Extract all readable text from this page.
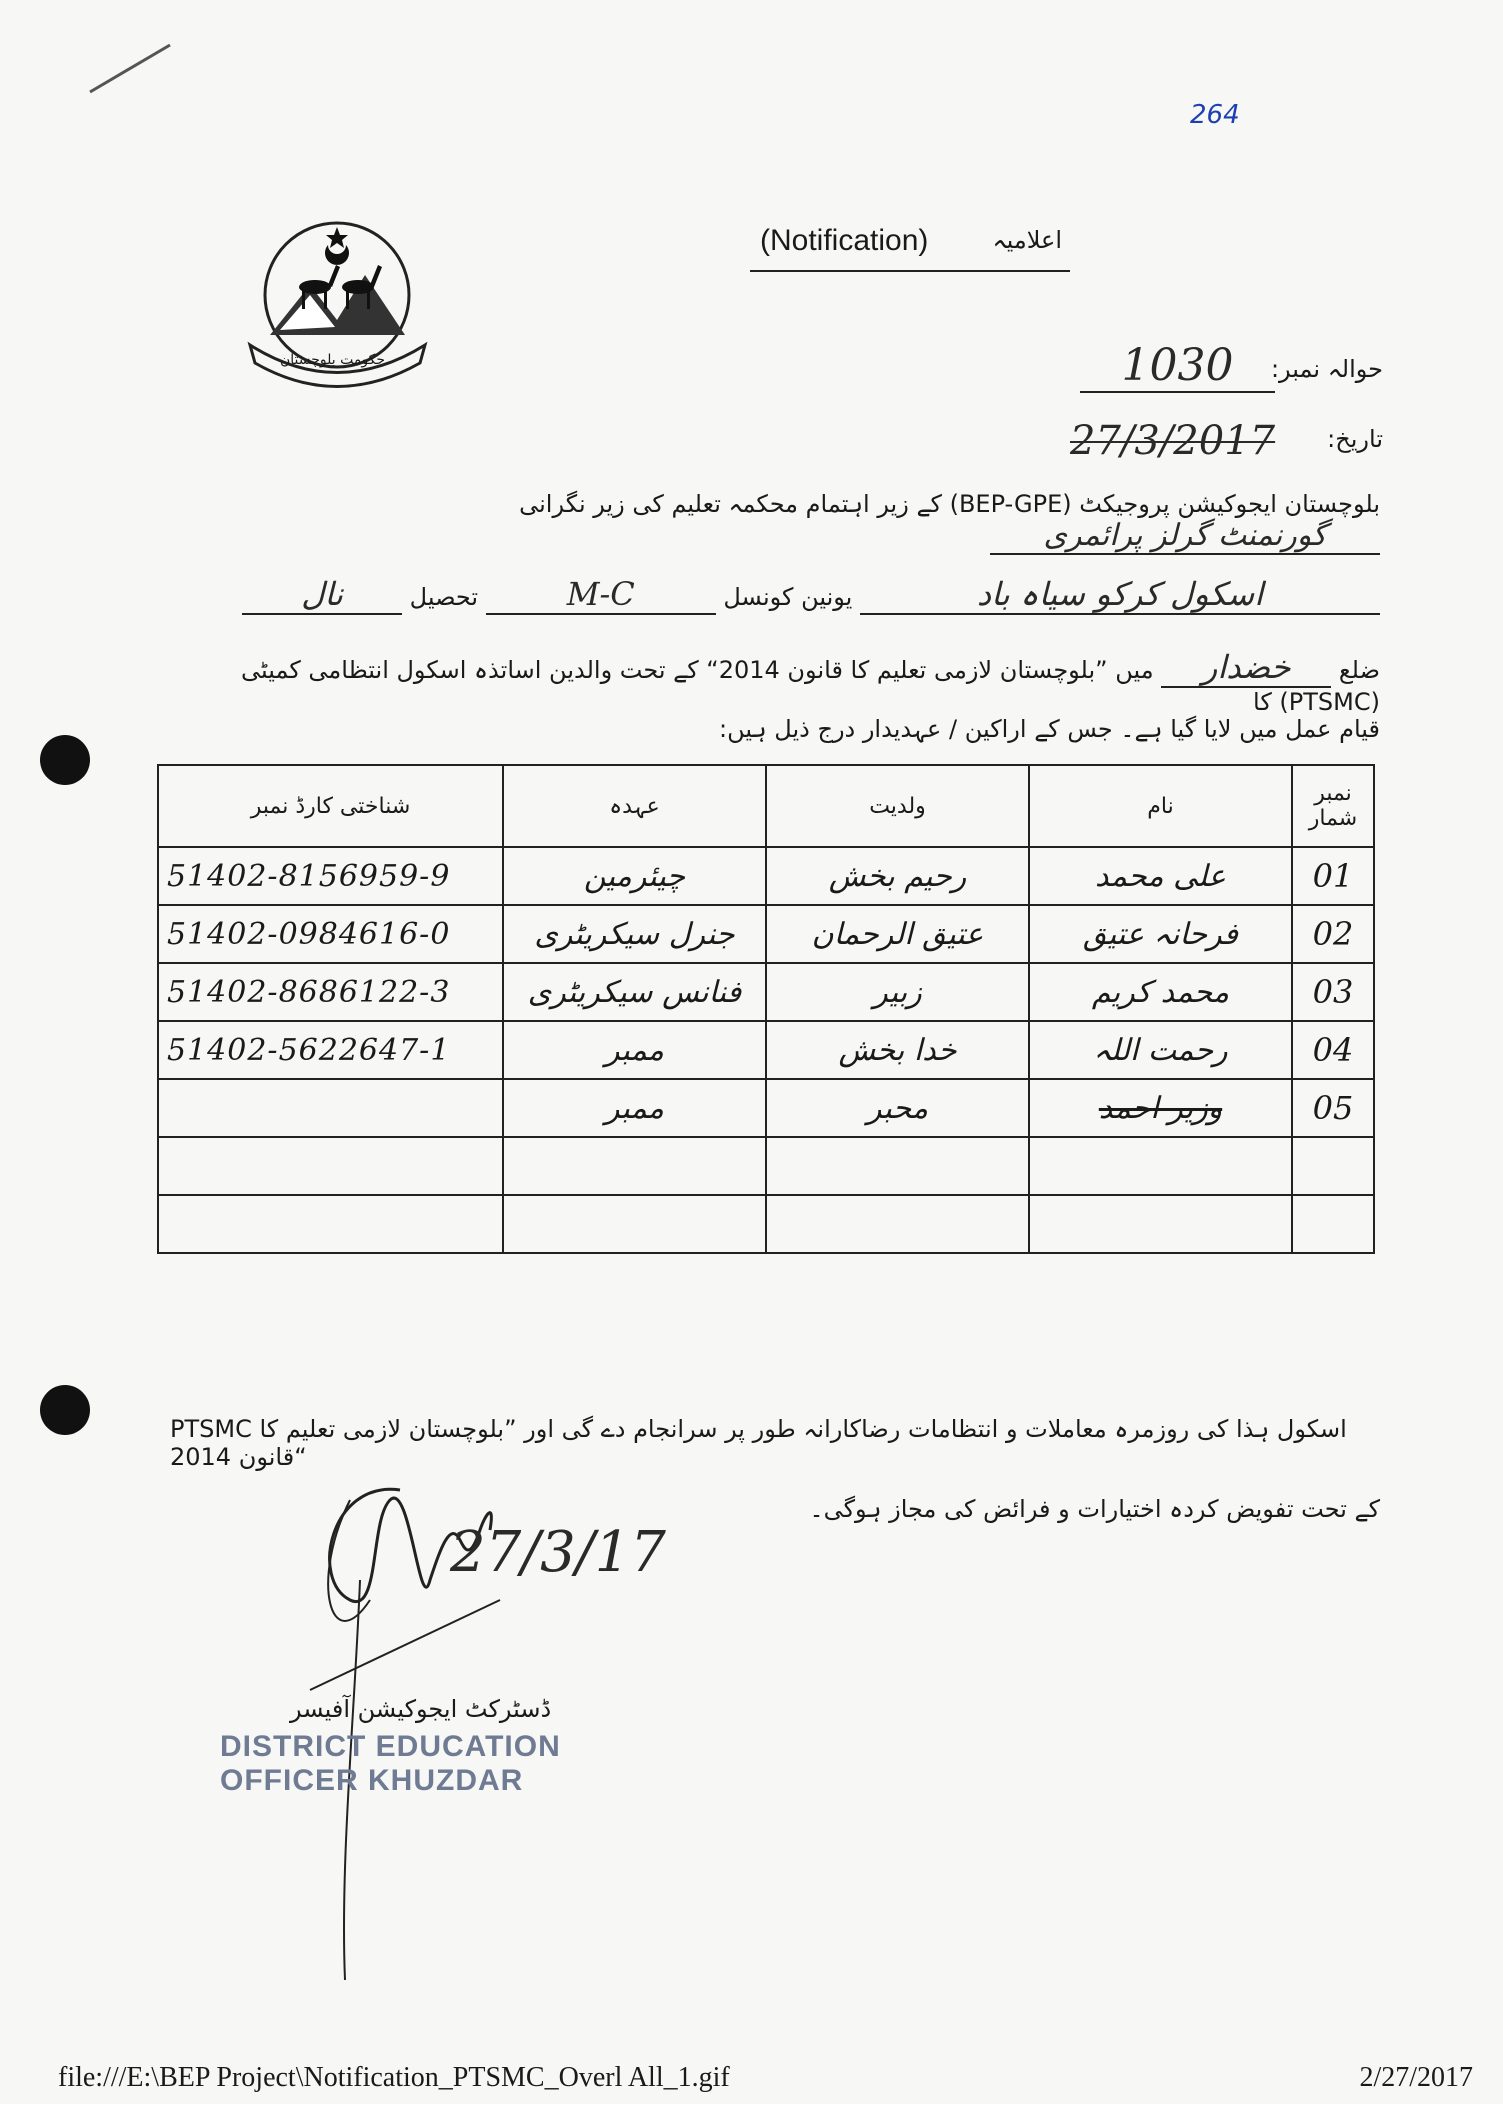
264
حکومت بلوچستان
(Notification)	اعلامیہ
1030	حوالہ نمبر:
27/3/2017 تاریخ:
بلوچستان ایجوکیشن پروجیکٹ (BEP-GPE) کے زیر اہتمام محکمہ تعلیم کی زیر نگرانی گورنمنٹ گرلز پرائمری
اسکول کرکو سیاہ باد یونین کونسل M-C تحصیل نال
ضلع خضدار میں ”بلوچستان لازمی تعلیم کا قانون 2014“ کے تحت والدین اساتذہ اسکول انتظامی کمیٹی (PTSMC) کا
قیام عمل میں لایا گیا ہے۔ جس کے اراکین / عہدیدار درج ذیل ہیں:
نمبر شمار	نام	ولدیت	عہدہ	شناختی کارڈ نمبر
01	علی محمد	رحیم بخش	چیئرمین	51402-8156959-9
02	فرحانہ عتیق	عتیق الرحمان	جنرل سیکریٹری	51402-0984616-0
03	محمد کریم	زبیر	فنانس سیکریٹری	51402-8686122-3
04	رحمت اللہ	خدا بخش	ممبر	51402-5622647-1
05	وزیر احمد	محبر	ممبر	

PTSMC اسکول ہذا کی روزمرہ معاملات و انتظامات رضاکارانہ طور پر سرانجام دے گی اور ”بلوچستان لازمی تعلیم کا قانون 2014“
کے تحت تفویض کردہ اختیارات و فرائض کی مجاز ہوگی۔
27/3/17
ڈسٹرکٹ ایجوکیشن آفیسر
DISTRICT EDUCATION
OFFICER KHUZDAR
file:///E:\BEP Project\Notification_PTSMC_Overl All_1.gif	2/27/2017
